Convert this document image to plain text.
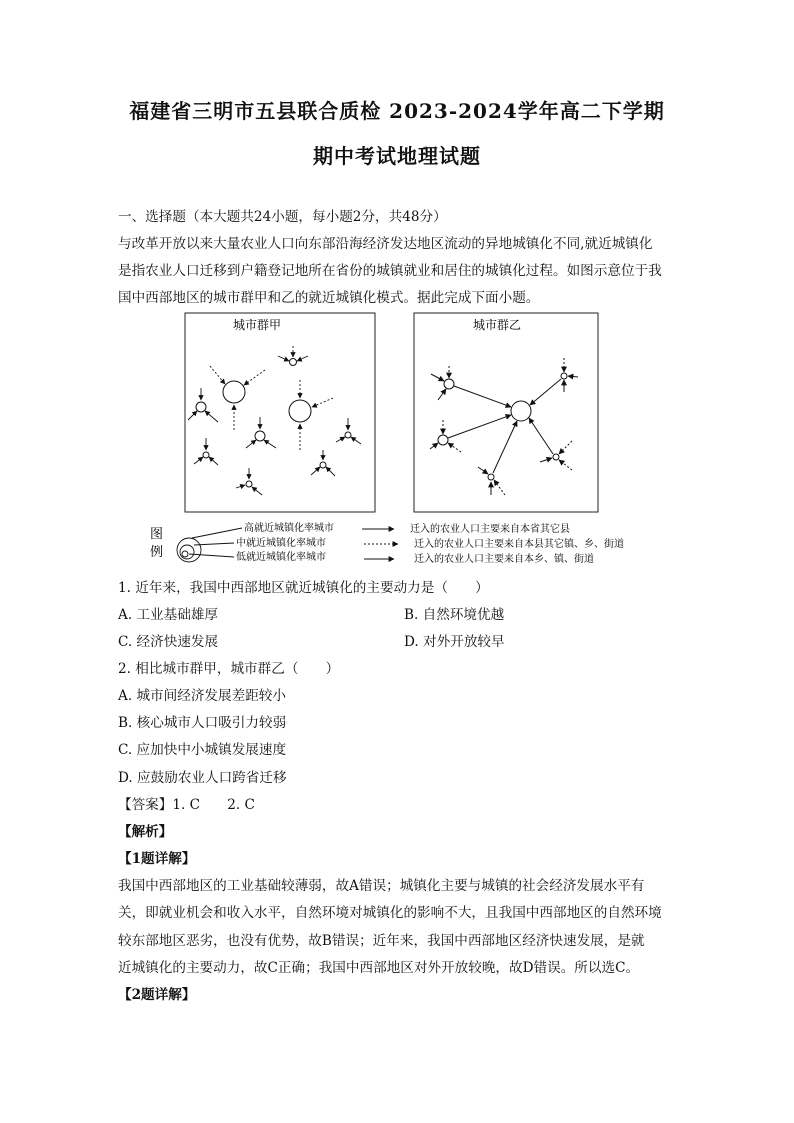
福建省三明市五县联合质检 2023-2024学年高二下学期
期中考试地理试题
一、选择题（本大题共24小题，每小题2分，共48分）
与改革开放以来大量农业人口向东部沿海经济发达地区流动的异地城镇化不同,就近城镇化
是指农业人口迁移到户籍登记地所在省份的城镇就业和居住的城镇化过程。如图示意位于我
国中西部地区的城市群甲和乙的就近城镇化模式。据此完成下面小题。
城市群甲	城市群乙
图
例
高就近城镇化率城市
中就近城镇化率城市
低就近城镇化率城市
迁入的农业人口主要来自本省其它县
迁入的农业人口主要来自本县其它镇、乡、街道
迁入的农业人口主要来自本乡、镇、街道
1. 近年来，我国中西部地区就近城镇化的主要动力是（　　）
A. 工业基础雄厚	B. 自然环境优越
C. 经济快速发展	D. 对外开放较早
2. 相比城市群甲，城市群乙（　　）
A. 城市间经济发展差距较小
B. 核心城市人口吸引力较弱
C. 应加快中小城镇发展速度
D. 应鼓励农业人口跨省迁移
【答案】1. C　　2. C
【解析】
【1题详解】
我国中西部地区的工业基础较薄弱，故A错误；城镇化主要与城镇的社会经济发展水平有
关，即就业机会和收入水平，自然环境对城镇化的影响不大，且我国中西部地区的自然环境
较东部地区恶劣，也没有优势，故B错误；近年来，我国中西部地区经济快速发展，是就
近城镇化的主要动力，故C正确；我国中西部地区对外开放较晚，故D错误。所以选C。
【2题详解】
